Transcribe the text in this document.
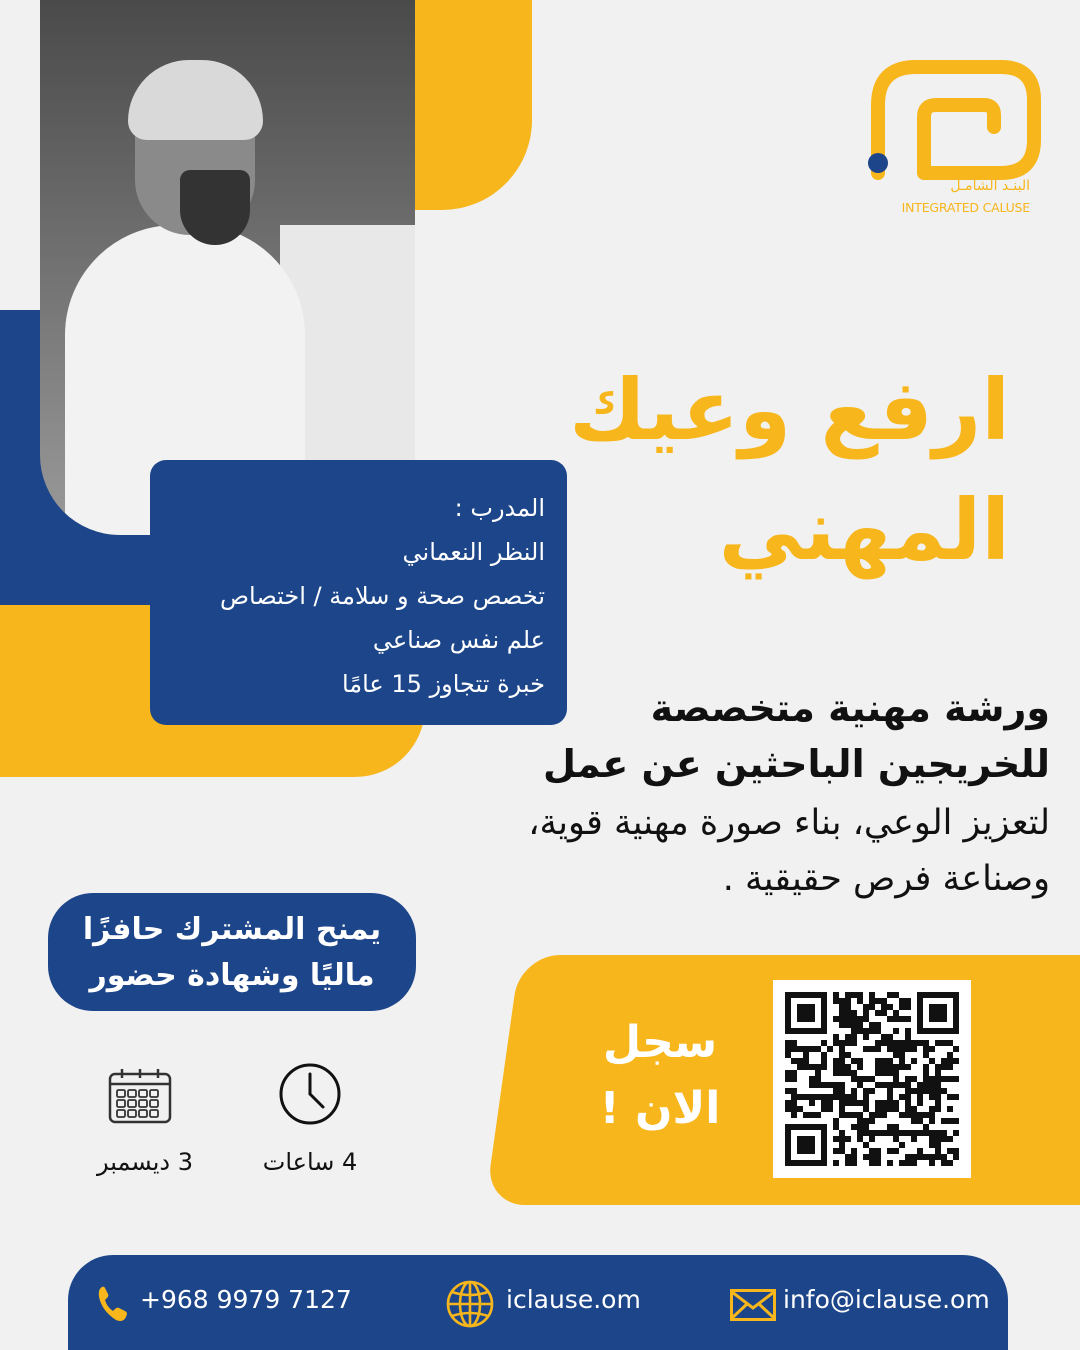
المدرب :
النظر النعماني
تخصص صحة و سلامة / اختصاص
علم نفس صناعي
خبرة تتجاوز 15 عامًا
البنـد الشامـل
INTEGRATED CALUSE
ارفع وعيك
المهني
ورشة مهنية متخصصة
للخريجين الباحثين عن عمل
لتعزيز الوعي، بناء صورة مهنية قوية،
وصناعة فرص حقيقية .
يمنح المشترك حافزًا
ماليًا وشهادة حضور
سجل
الان !
3 ديسمبر	4 ساعات
+968 9979 7127	iclause.om	info@iclause.om
